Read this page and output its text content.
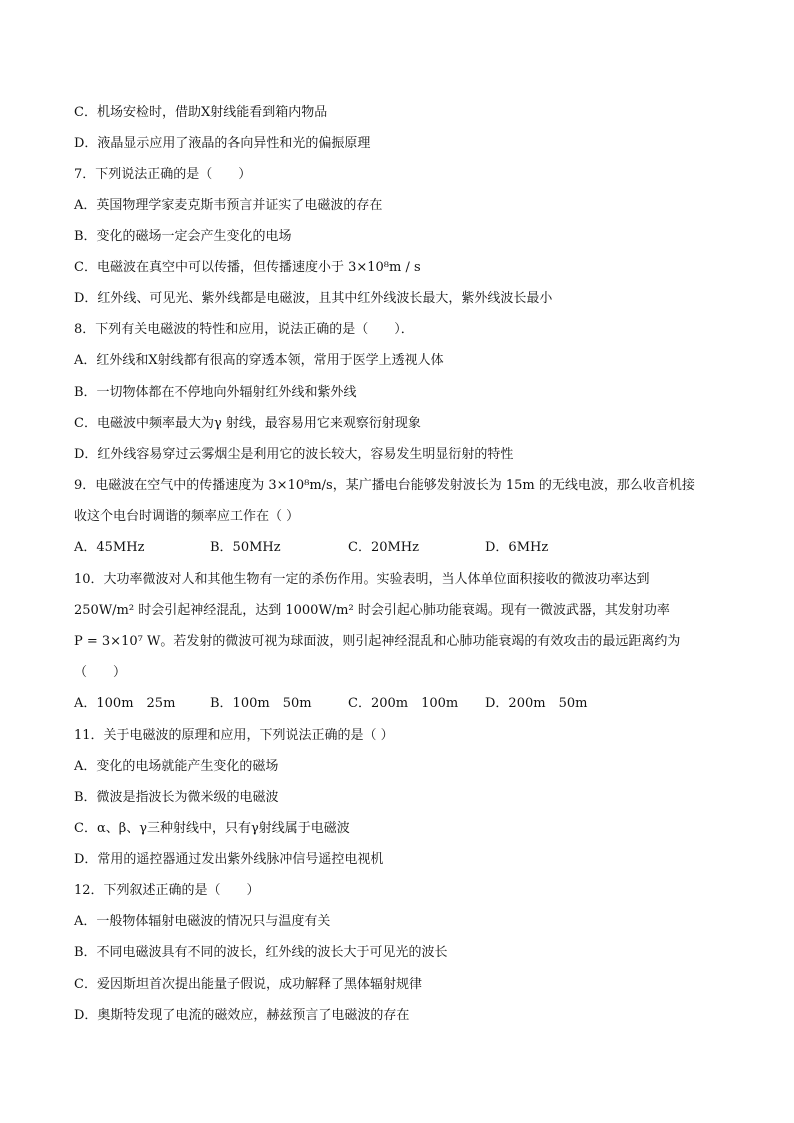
C．机场安检时，借助X射线能看到箱内物品
D．液晶显示应用了液晶的各向异性和光的偏振原理
7．下列说法正确的是（　　）
A．英国物理学家麦克斯韦预言并证实了电磁波的存在
B．变化的磁场一定会产生变化的电场
C．电磁波在真空中可以传播，但传播速度小于 3×10⁸m / s
D．红外线、可见光、紫外线都是电磁波，且其中红外线波长最大，紫外线波长最小
8．下列有关电磁波的特性和应用，说法正确的是（　　）．
A．红外线和X射线都有很高的穿透本领，常用于医学上透视人体
B．一切物体都在不停地向外辐射红外线和紫外线
C．电磁波中频率最大为γ 射线，最容易用它来观察衍射现象
D．红外线容易穿过云雾烟尘是利用它的波长较大，容易发生明显衍射的特性
9．电磁波在空气中的传播速度为 3×10⁸m/s，某广播电台能够发射波长为 15m 的无线电波，那么收音机接
收这个电台时调谐的频率应工作在（ ）
A．45MHz	B．50MHz	C．20MHz	D．6MHz
10．大功率微波对人和其他生物有一定的杀伤作用。实验表明，当人体单位面积接收的微波功率达到
250W/m² 时会引起神经混乱，达到 1000W/m² 时会引起心肺功能衰竭。现有一微波武器，其发射功率
P = 3×10⁷ W。若发射的微波可视为球面波，则引起神经混乱和心肺功能衰竭的有效攻击的最远距离约为
（　　）
A．100m　25m	B．100m　50m	C．200m　100m D．200m　50m
11．关于电磁波的原理和应用，下列说法正确的是（ ）
A．变化的电场就能产生变化的磁场
B．微波是指波长为微米级的电磁波
C．α、β、γ三种射线中，只有γ射线属于电磁波
D．常用的遥控器通过发出紫外线脉冲信号遥控电视机
12．下列叙述正确的是（　　）
A．一般物体辐射电磁波的情况只与温度有关
B．不同电磁波具有不同的波长，红外线的波长大于可见光的波长
C．爱因斯坦首次提出能量子假说，成功解释了黑体辐射规律
D．奥斯特发现了电流的磁效应，赫兹预言了电磁波的存在
